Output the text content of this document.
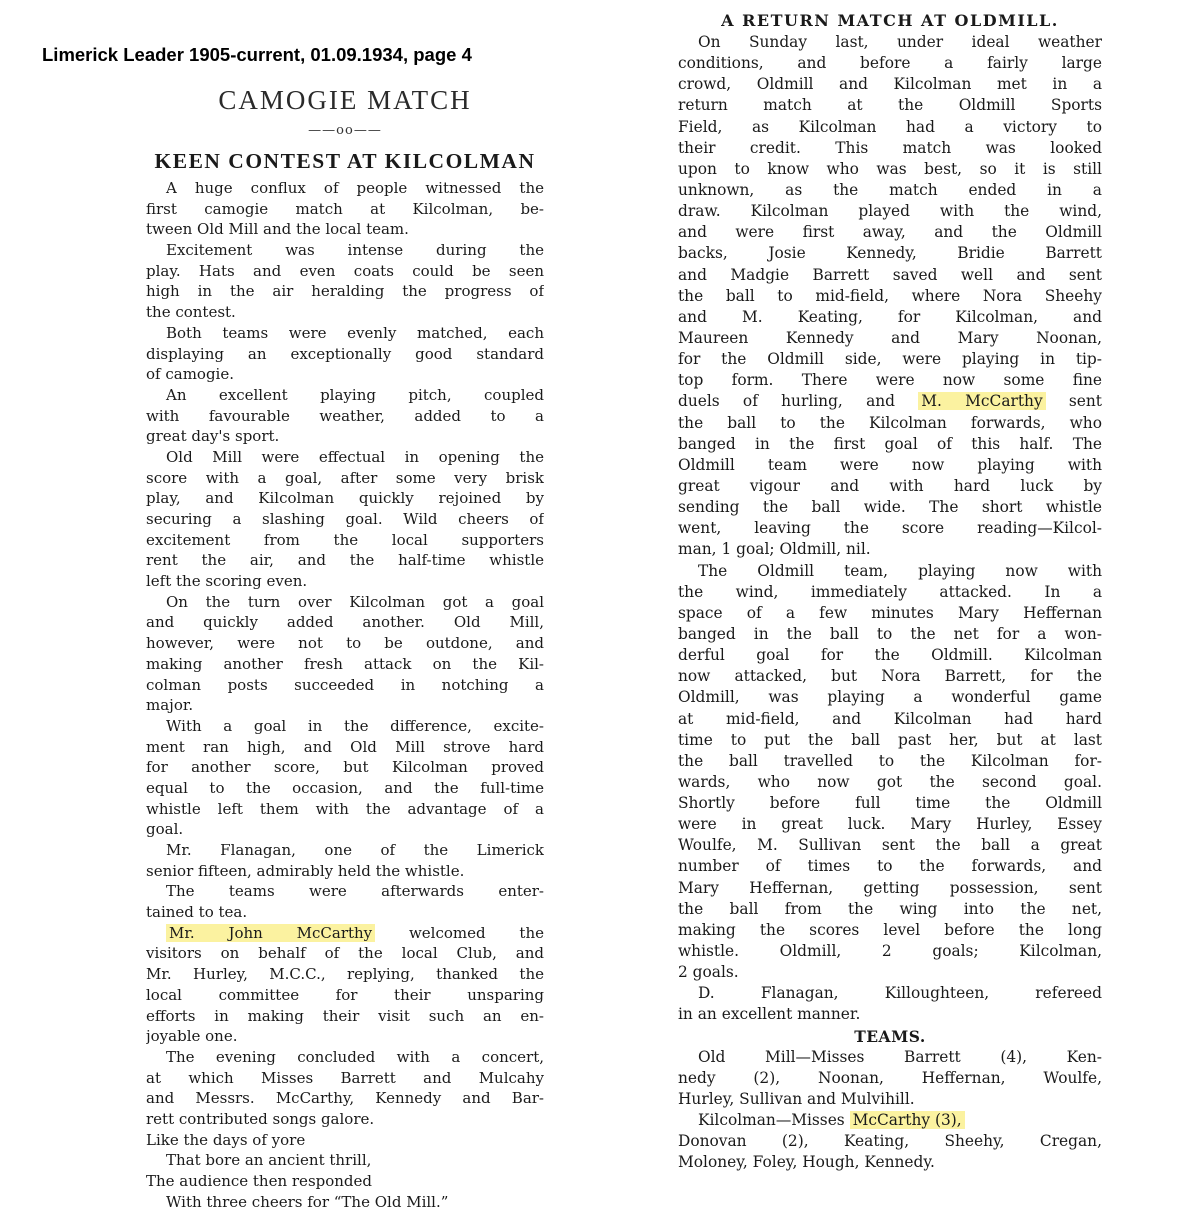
Limerick Leader 1905-current, 01.09.1934, page 4
CAMOGIE MATCH
——oo——
KEEN CONTEST AT KILCOLMAN
A huge conflux of people witnessed the
first camogie match at Kilcolman, be-
tween Old Mill and the local team.
Excitement was intense during the
play. Hats and even coats could be seen
high in the air heralding the progress of
the contest.
Both teams were evenly matched, each
displaying an exceptionally good standard
of camogie.
An excellent playing pitch, coupled
with favourable weather, added to a
great day's sport.
Old Mill were effectual in opening the
score with a goal, after some very brisk
play, and Kilcolman quickly rejoined by
securing a slashing goal. Wild cheers of
excitement from the local supporters
rent the air, and the half-time whistle
left the scoring even.
On the turn over Kilcolman got a goal
and quickly added another. Old Mill,
however, were not to be outdone, and
making another fresh attack on the Kil-
colman posts succeeded in notching a
major.
With a goal in the difference, excite-
ment ran high, and Old Mill strove hard
for another score, but Kilcolman proved
equal to the occasion, and the full-time
whistle left them with the advantage of a
goal.
Mr. Flanagan, one of the Limerick
senior fifteen, admirably held the whistle.
The teams were afterwards enter-
tained to tea.
Mr. John McCarthy welcomed the
visitors on behalf of the local Club, and
Mr. Hurley, M.C.C., replying, thanked the
local committee for their unsparing
efforts in making their visit such an en-
joyable one.
The evening concluded with a concert,
at which Misses Barrett and Mulcahy
and Messrs. McCarthy, Kennedy and Bar-
rett contributed songs galore.
Like the days of yore
That bore an ancient thrill,
The audience then responded
With three cheers for “The Old Mill.”
A RETURN MATCH AT OLDMILL.
On Sunday last, under ideal weather
conditions, and before a fairly large
crowd, Oldmill and Kilcolman met in a
return match at the Oldmill Sports
Field, as Kilcolman had a victory to
their credit. This match was looked
upon to know who was best, so it is still
unknown, as the match ended in a
draw. Kilcolman played with the wind,
and were first away, and the Oldmill
backs, Josie Kennedy, Bridie Barrett
and Madgie Barrett saved well and sent
the ball to mid-field, where Nora Sheehy
and M. Keating, for Kilcolman, and
Maureen Kennedy and Mary Noonan,
for the Oldmill side, were playing in tip-
top form. There were now some fine
duels of hurling, and M. McCarthy sent
the ball to the Kilcolman forwards, who
banged in the first goal of this half. The
Oldmill team were now playing with
great vigour and with hard luck by
sending the ball wide. The short whistle
went, leaving the score reading—Kilcol-
man, 1 goal; Oldmill, nil.
The Oldmill team, playing now with
the wind, immediately attacked. In a
space of a few minutes Mary Heffernan
banged in the ball to the net for a won-
derful goal for the Oldmill. Kilcolman
now attacked, but Nora Barrett, for the
Oldmill, was playing a wonderful game
at mid-field, and Kilcolman had hard
time to put the ball past her, but at last
the ball travelled to the Kilcolman for-
wards, who now got the second goal.
Shortly before full time the Oldmill
were in great luck. Mary Hurley, Essey
Woulfe, M. Sullivan sent the ball a great
number of times to the forwards, and
Mary Heffernan, getting possession, sent
the ball from the wing into the net,
making the scores level before the long
whistle. Oldmill, 2 goals; Kilcolman,
2 goals.
D. Flanagan, Killoughteen, refereed
in an excellent manner.
TEAMS.
Old Mill—Misses Barrett (4), Ken-
nedy (2), Noonan, Heffernan, Woulfe,
Hurley, Sullivan and Mulvihill.
Kilcolman—Misses McCarthy (3),
Donovan (2), Keating, Sheehy, Cregan,
Moloney, Foley, Hough, Kennedy.
